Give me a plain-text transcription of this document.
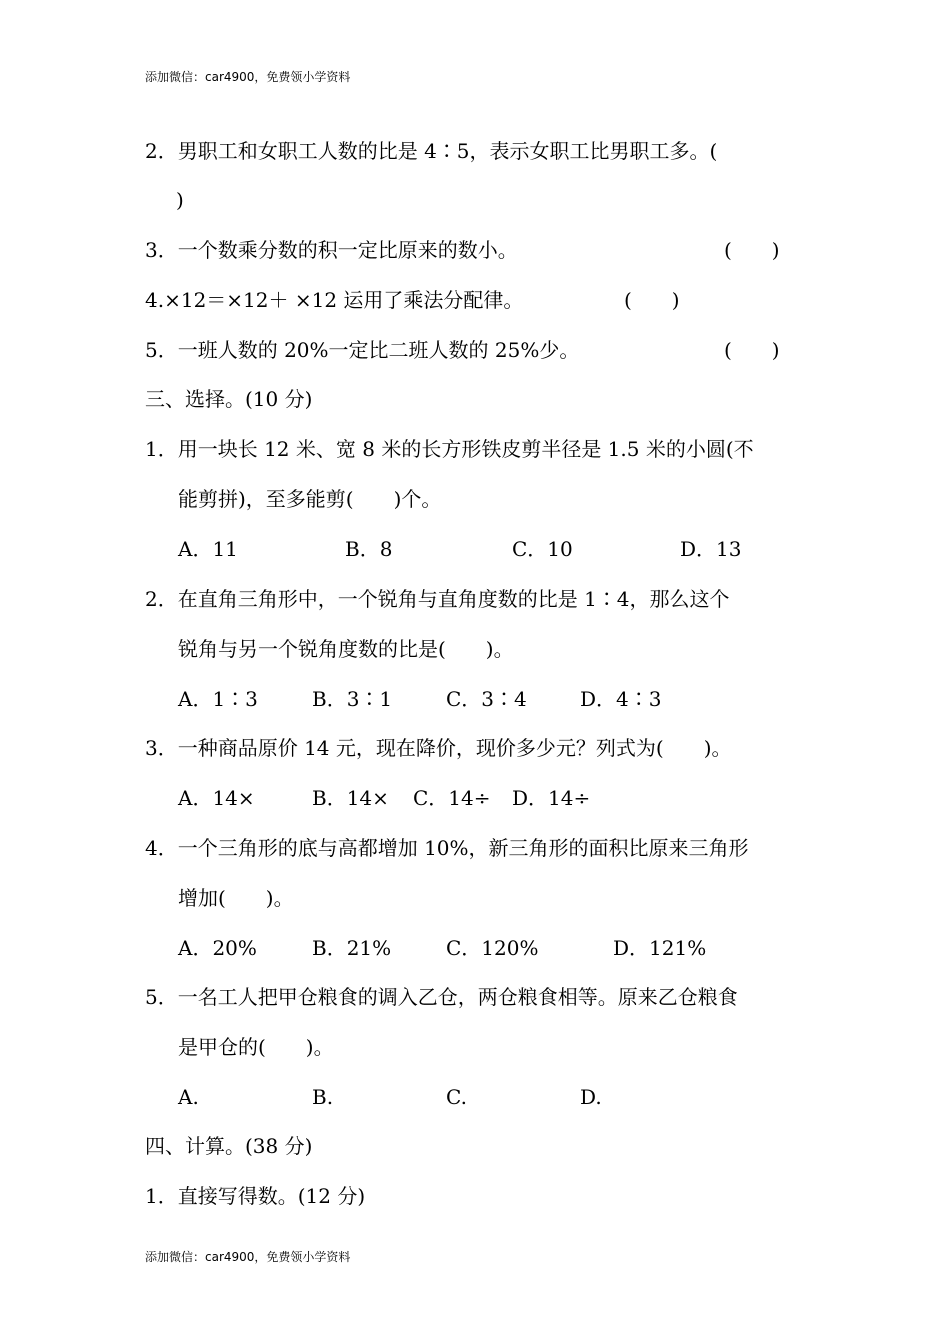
添加微信：car4900，免费领小学资料
2．男职工和女职工人数的比是 4∶5，表示女职工比男职工多。(
)
3．一个数乘分数的积一定比原来的数小。	(　　)
4.×12＝×12＋ ×12 运用了乘法分配律。	(　　)
5．一班人数的 20%一定比二班人数的 25%少。	(　　)
三、选择。(10 分)
1．用一块长 12 米、宽 8 米的长方形铁皮剪半径是 1.5 米的小圆(不
能剪拼)，至多能剪(　　)个。
A．11	B．8	C．10	D．13
2．在直角三角形中，一个锐角与直角度数的比是 1∶4，那么这个
锐角与另一个锐角度数的比是(　　)。
A．1∶3	B．3∶1	C．3∶4	D．4∶3
3．一种商品原价 14 元，现在降价，现价多少元？列式为(　　)。
A．14×	B．14× C．14÷ D．14÷
4．一个三角形的底与高都增加 10%，新三角形的面积比原来三角形
增加(　　)。
A．20%	B．21%	C．120%	D．121%
5．一名工人把甲仓粮食的调入乙仓，两仓粮食相等。原来乙仓粮食
是甲仓的(　　)。
A.	B.	C.	D.
四、计算。(38 分)
1．直接写得数。(12 分)
添加微信：car4900，免费领小学资料
